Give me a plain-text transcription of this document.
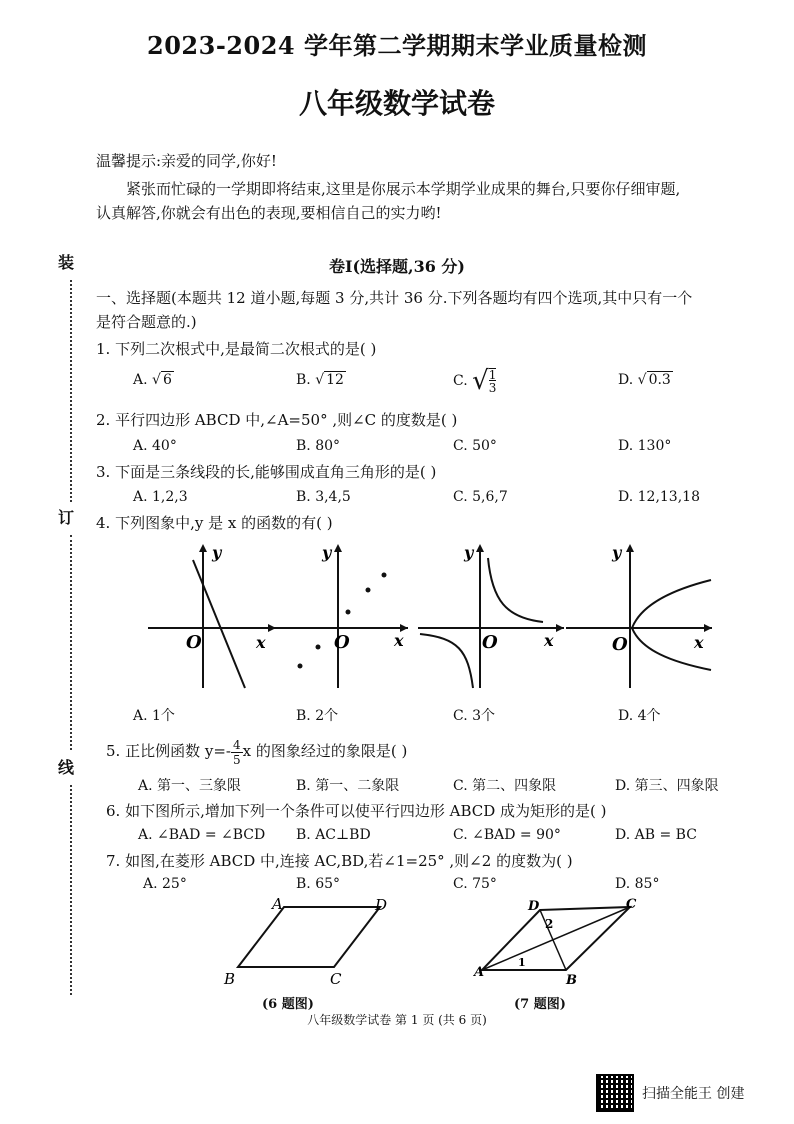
2023-2024 学年第二学期期末学业质量检测
八年级数学试卷
温馨提示:亲爱的同学,你好!
紧张而忙碌的一学期即将结束,这里是你展示本学期学业成果的舞台,只要你仔细审题,
认真解答,你就会有出色的表现,要相信自己的实力哟!
装
订
线
卷Ⅰ(选择题,36 分)
一、选择题(本题共 12 道小题,每题 3 分,共计 36 分.下列各题均有四个选项,其中只有一个
是符合题意的.)
1. 下列二次根式中,是最简二次根式的是( )
A. √ 6	B. √ 12	C. $√\frac{1}{3}$	D. √ 0.3
2. 平行四边形 ABCD 中,∠A=50° ,则∠C 的度数是( )
A. 40°	B. 80°	C. 50°	D. 130°
3. 下面是三条线段的长,能够围成直角三角形的是( )
A. 1,2,3	B. 3,4,5	C. 5,6,7	D. 12,13,18
4. 下列图象中,y 是 x 的函数的有( )
y
x
O
y
x
O
y
x
O
y
x
O
A. 1个	B. 2个	C. 3个	D. 4个
5. 正比例函数 $y=-\frac{4}{5}x$ 的图象经过的象限是( )
A. 第一、三象限	B. 第一、二象限	C. 第二、四象限	D. 第三、四象限
6. 如下图所示,增加下列一个条件可以使平行四边形 ABCD 成为矩形的是( )
A. ∠BAD = ∠BCD B. AC⊥BD	C. ∠BAD = 90°	D. AB = BC
7. 如图,在菱形 ABCD 中,连接 AC,BD,若∠1=25° ,则∠2 的度数为( )
A. 25°	B. 65°	C. 75°	D. 85°
A	D
B	C
(6 题图)
D	C
A
B
2
1
(7 题图)
八年级数学试卷 第 1 页 (共 6 页)
扫描全能王 创建
